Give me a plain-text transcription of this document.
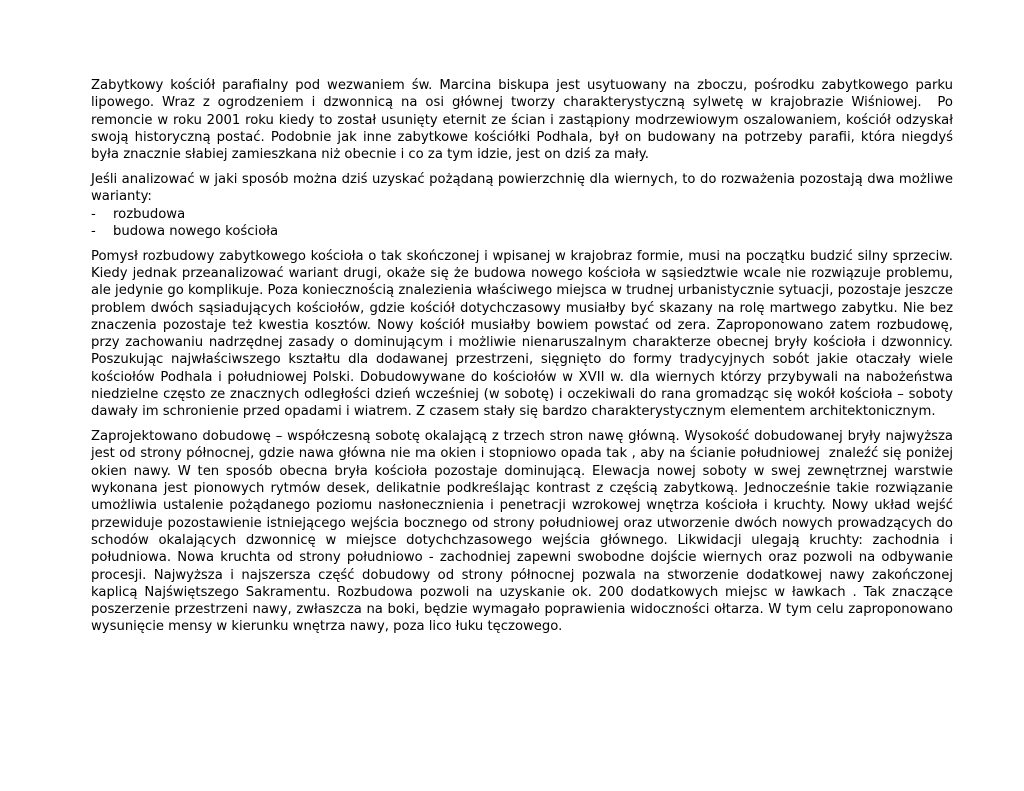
Zabytkowy kościół parafialny pod wezwaniem św. Marcina biskupa jest usytuowany na zboczu, pośrodku zabytkowego parku lipowego. Wraz z ogrodzeniem i dzwonnicą na osi głównej tworzy charakterystyczną sylwetę w krajobrazie Wiśniowej.  Po remoncie w roku 2001 roku kiedy to został usunięty eternit ze ścian i zastąpiony modrzewiowym oszalowaniem, kościół odzyskał swoją historyczną postać. Podobnie jak inne zabytkowe kościółki Podhala, był on budowany na potrzeby parafii, która niegdyś była znacznie słabiej zamieszkana niż obecnie i co za tym idzie, jest on dziś za mały.

Jeśli analizować w jaki sposób można dziś uzyskać pożądaną powierzchnię dla wiernych, to do rozważenia pozostają dwa możliwe warianty:

-	rozbudowa
-	budowa nowego kościoła

Pomysł rozbudowy zabytkowego kościoła o tak skończonej i wpisanej w krajobraz formie, musi na początku budzić silny sprzeciw. Kiedy jednak przeanalizować wariant drugi, okaże się że budowa nowego kościoła w sąsiedztwie wcale nie rozwiązuje problemu, ale jedynie go komplikuje. Poza koniecznością znalezienia właściwego miejsca w trudnej urbanistycznie sytuacji, pozostaje jeszcze  problem dwóch sąsiadujących kościołów, gdzie kościół dotychczasowy musiałby być skazany na rolę martwego zabytku. Nie bez znaczenia pozostaje też kwestia kosztów. Nowy kościół musiałby bowiem powstać od zera. Zaproponowano zatem rozbudowę, przy zachowaniu nadrzędnej zasady o dominującym i możliwie nienaruszalnym charakterze obecnej bryły kościoła i dzwonnicy. Poszukując najwłaściwszego kształtu dla dodawanej przestrzeni, sięgnięto do formy tradycyjnych sobót jakie otaczały wiele kościołów Podhala i południowej Polski. Dobudowywane do kościołów w XVII w. dla wiernych którzy przybywali na nabożeństwa niedzielne często ze znacznych odległości dzień wcześniej (w sobotę) i oczekiwali do rana gromadząc się wokół kościoła – soboty dawały im schronienie przed opadami i wiatrem. Z czasem stały się bardzo charakterystycznym elementem architektonicznym.

Zaprojektowano dobudowę – współczesną sobotę okalającą z trzech stron nawę główną. Wysokość dobudowanej bryły najwyższa jest od strony północnej, gdzie nawa główna nie ma okien i stopniowo opada tak , aby na ścianie południowej  znaleźć się poniżej okien nawy. W ten sposób obecna bryła kościoła pozostaje dominującą. Elewacja nowej soboty w swej zewnętrznej warstwie wykonana jest pionowych rytmów desek, delikatnie podkreślając kontrast z częścią zabytkową. Jednocześnie takie rozwiązanie umożliwia ustalenie pożądanego poziomu nasłonecznienia i penetracji wzrokowej wnętrza kościoła i kruchty. Nowy układ wejść przewiduje pozostawienie istniejącego wejścia bocznego od strony południowej oraz utworzenie dwóch nowych prowadzących do schodów okalających dzwonnicę w miejsce dotychchzasowego wejścia głównego. Likwidacji ulegają kruchty: zachodnia i południowa. Nowa kruchta od strony południowo - zachodniej zapewni swobodne dojście wiernych oraz pozwoli na odbywanie procesji. Najwyższa i najszersza część dobudowy od strony północnej pozwala na stworzenie dodatkowej nawy zakończonej kaplicą Najświętszego Sakramentu. Rozbudowa pozwoli na uzyskanie ok. 200 dodatkowych miejsc w ławkach . Tak znaczące poszerzenie przestrzeni nawy, zwłaszcza na boki, będzie wymagało poprawienia widoczności ołtarza. W tym celu zaproponowano wysunięcie mensy w kierunku wnętrza nawy, poza lico łuku tęczowego.
